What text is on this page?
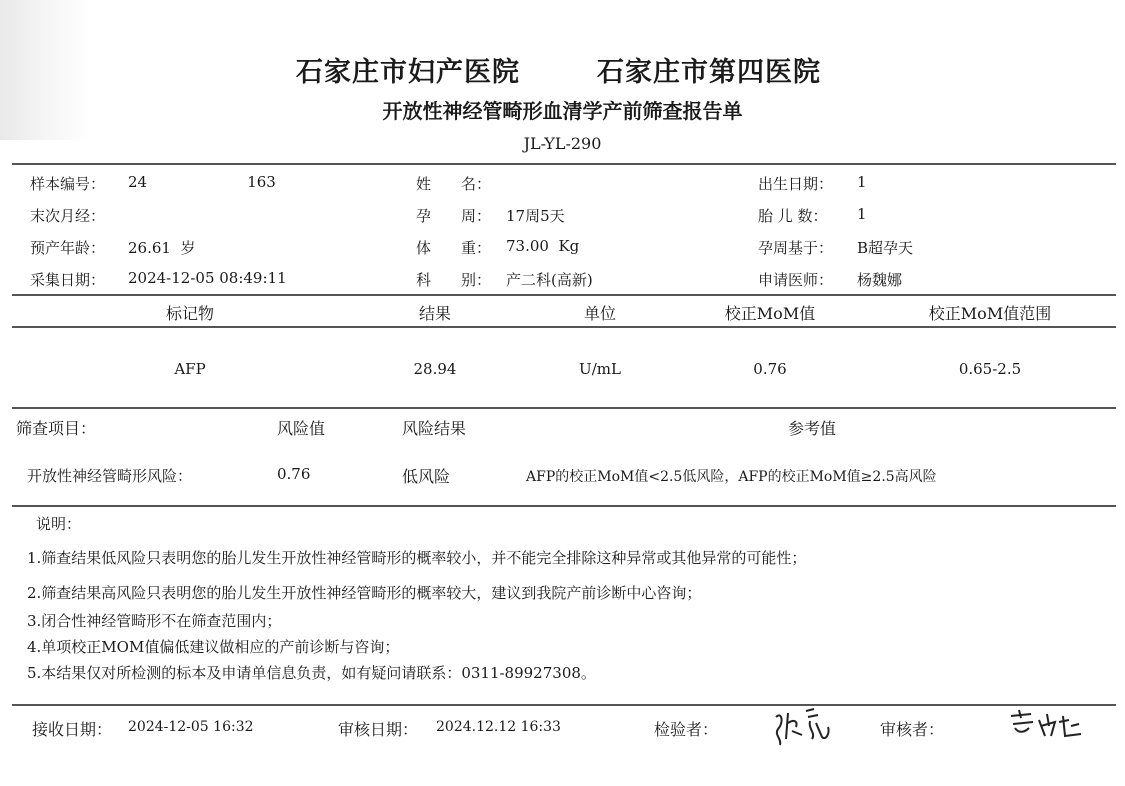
石家庄市妇产医院	石家庄市第四医院
开放性神经管畸形血清学产前筛查报告单
JL-YL-290
样本编号： 24                     163	姓　　名：	出生日期： 1
末次月经：	孕　　周： 17周5天	胎 儿 数： 1
预产年龄： 26.61  岁	体　　重： 73.00  Kg	孕周基于： B超孕天
采集日期： 2024-12-05 08:49:11	科　　别： 产二科(高新)	申请医师： 杨魏娜
标记物	结果	单位	校正MoM值	校正MoM值范围
AFP	28.94	U/mL	0.76	0.65-2.5
筛查项目：	风险值	风险结果	参考值
开放性神经管畸形风险：	0.76	低风险	AFP的校正MoM值<2.5低风险，AFP的校正MoM值≥2.5高风险
说明：
1.筛查结果低风险只表明您的胎儿发生开放性神经管畸形的概率较小，并不能完全排除这种异常或其他异常的可能性；
2.筛查结果高风险只表明您的胎儿发生开放性神经管畸形的概率较大，建议到我院产前诊断中心咨询；
3.闭合性神经管畸形不在筛查范围内；
4.单项校正MOM值偏低建议做相应的产前诊断与咨询；
5.本结果仅对所检测的标本及申请单信息负责，如有疑问请联系：0311-89927308。
接收日期： 2024-12-05 16:32	审核日期： 2024.12.12 16:33	检验者：	审核者：
